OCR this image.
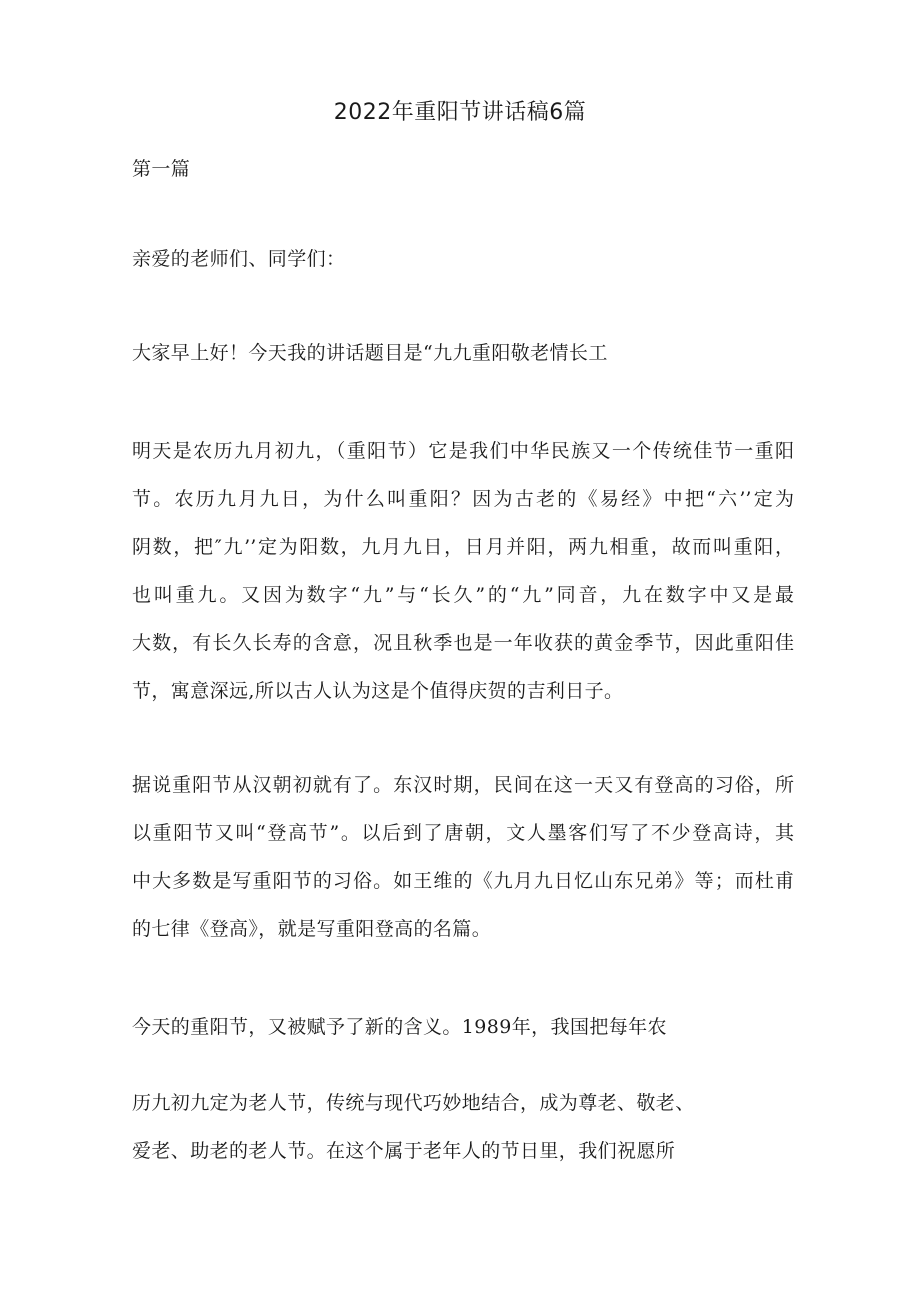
2022年重阳节讲话稿6篇

第一篇

亲爱的老师们、同学们：

大家早上好！今天我的讲话题目是“九九重阳敬老情长工

明天是农历九月初九，（重阳节）它是我们中华民族又一个传统佳节一重阳

节。农历九月九日，为什么叫重阳？因为古老的《易经》中把“六’’定为

阴数，把″九’’定为阳数，九月九日，日月并阳，两九相重，故而叫重阳，

也叫重九。又因为数字“九”与“长久”的“九”同音，九在数字中又是最

大数，有长久长寿的含意，况且秋季也是一年收获的黄金季节，因此重阳佳

节，寓意深远,所以古人认为这是个值得庆贺的吉利日子。

据说重阳节从汉朝初就有了。东汉时期，民间在这一天又有登高的习俗，所

以重阳节又叫“登高节”。以后到了唐朝，文人墨客们写了不少登高诗，其

中大多数是写重阳节的习俗。如王维的《九月九日忆山东兄弟》等；而杜甫

的七律《登高》，就是写重阳登高的名篇。

今天的重阳节，又被赋予了新的含义。1989年，我国把每年农

历九初九定为老人节，传统与现代巧妙地结合，成为尊老、敬老、

爱老、助老的老人节。在这个属于老年人的节日里，我们祝愿所
